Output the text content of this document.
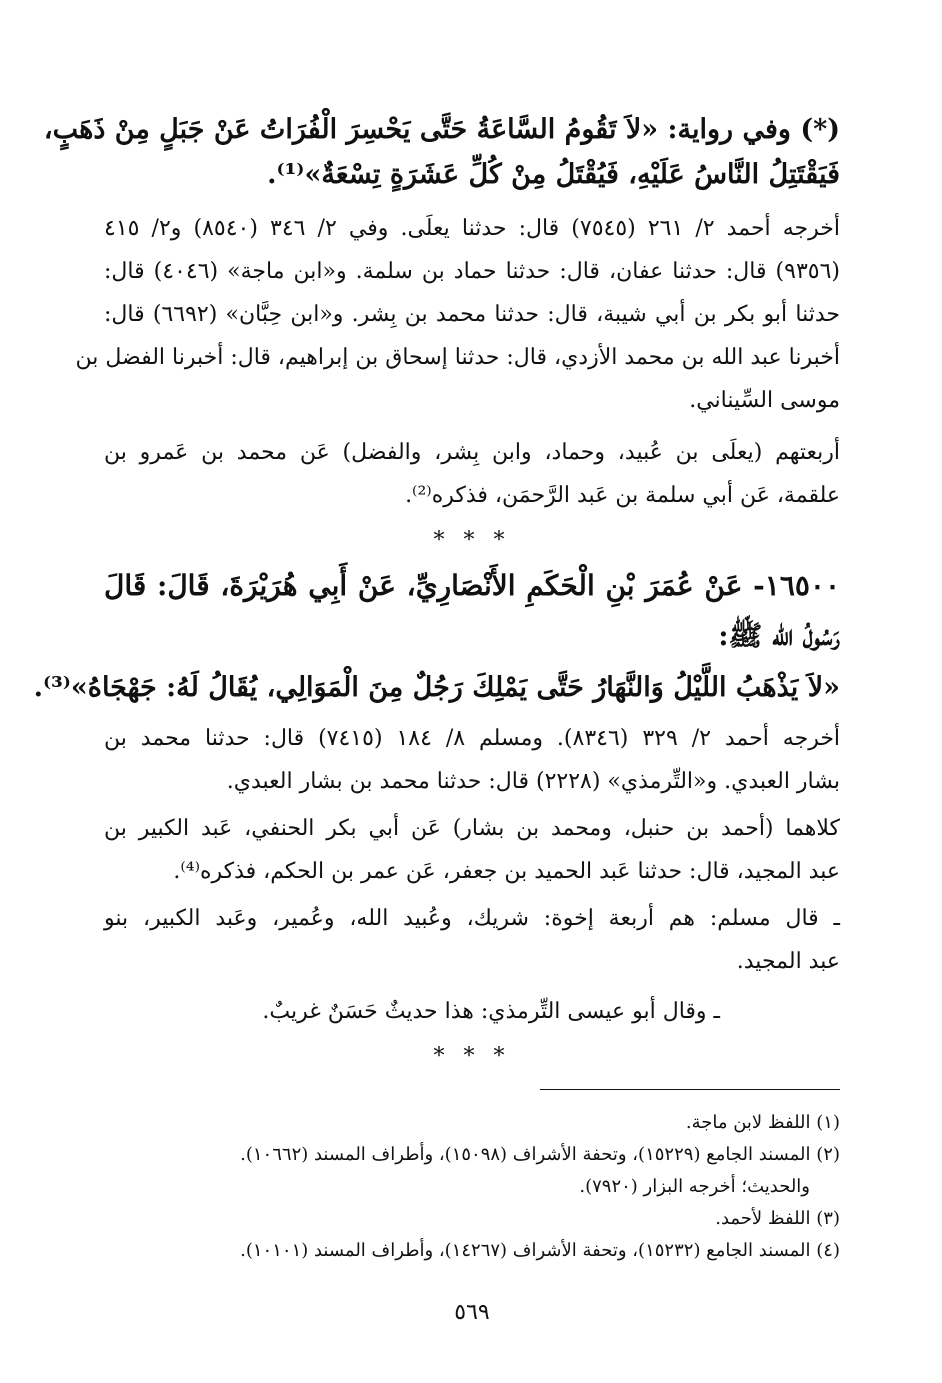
(*) وفي رواية: «لاَ تَقُومُ السَّاعَةُ حَتَّى يَحْسِرَ الْفُرَاتُ عَنْ جَبَلٍ مِنْ ذَهَبٍ،
فَيَقْتَتِلُ النَّاسُ عَلَيْهِ، فَيُقْتَلُ مِنْ كُلِّ عَشَرَةٍ تِسْعَةٌ»⁽¹⁾.
أخرجه أحمد ٢/ ٢٦١ (٧٥٤٥) قال: حدثنا يعلَى. وفي ٢/ ٣٤٦ (٨٥٤٠) و٢/ ٤١٥
(٩٣٥٦) قال: حدثنا عفان، قال: حدثنا حماد بن سلمة. و«ابن ماجة» (٤٠٤٦) قال:
حدثنا أبو بكر بن أبي شيبة، قال: حدثنا محمد بن بِشر. و«ابن حِبَّان» (٦٦٩٢) قال:
أخبرنا عبد الله بن محمد الأزدي، قال: حدثنا إسحاق بن إبراهيم، قال: أخبرنا الفضل بن
موسى السِّيناني.
أربعتهم (يعلَى بن عُبيد، وحماد، وابن بِشر، والفضل) عَن محمد بن عَمرو بن
علقمة، عَن أبي سلمة بن عَبد الرَّحمَن، فذكره⁽²⁾.
* * *
١٦٥٠٠- عَنْ عُمَرَ بْنِ الْحَكَمِ الأَنْصَارِيِّ، عَنْ أَبِي هُرَيْرَةَ، قَالَ: قَالَ
رَسُولُ الله ﷺ:
«لاَ يَذْهَبُ اللَّيْلُ وَالنَّهَارُ حَتَّى يَمْلِكَ رَجُلٌ مِنَ الْمَوَالِي، يُقَالُ لَهُ: جَهْجَاهُ»⁽³⁾.
أخرجه أحمد ٢/ ٣٢٩ (٨٣٤٦). ومسلم ٨/ ١٨٤ (٧٤١٥) قال: حدثنا محمد بن
بشار العبدي. و«التِّرمذي» (٢٢٢٨) قال: حدثنا محمد بن بشار العبدي.
كلاهما (أحمد بن حنبل، ومحمد بن بشار) عَن أبي بكر الحنفي، عَبد الكبير بن
عبد المجيد، قال: حدثنا عَبد الحميد بن جعفر، عَن عمر بن الحكم، فذكره⁽⁴⁾.
ـ قال مسلم: هم أربعة إخوة: شريك، وعُبيد الله، وعُمير، وعَبد الكبير، بنو
عبد المجيد.
ـ وقال أبو عيسى التِّرمذي: هذا حديثٌ حَسَنٌ غريبٌ.
* * *
(١) اللفظ لابن ماجة.
(٢) المسند الجامع (١٥٢٢٩)، وتحفة الأشراف (١٥٠٩٨)، وأطراف المسند (١٠٦٦٢).
والحديث؛ أخرجه البزار (٧٩٢٠).
(٣) اللفظ لأحمد.
(٤) المسند الجامع (١٥٢٣٢)، وتحفة الأشراف (١٤٢٦٧)، وأطراف المسند (١٠١٠١).
٥٦٩
